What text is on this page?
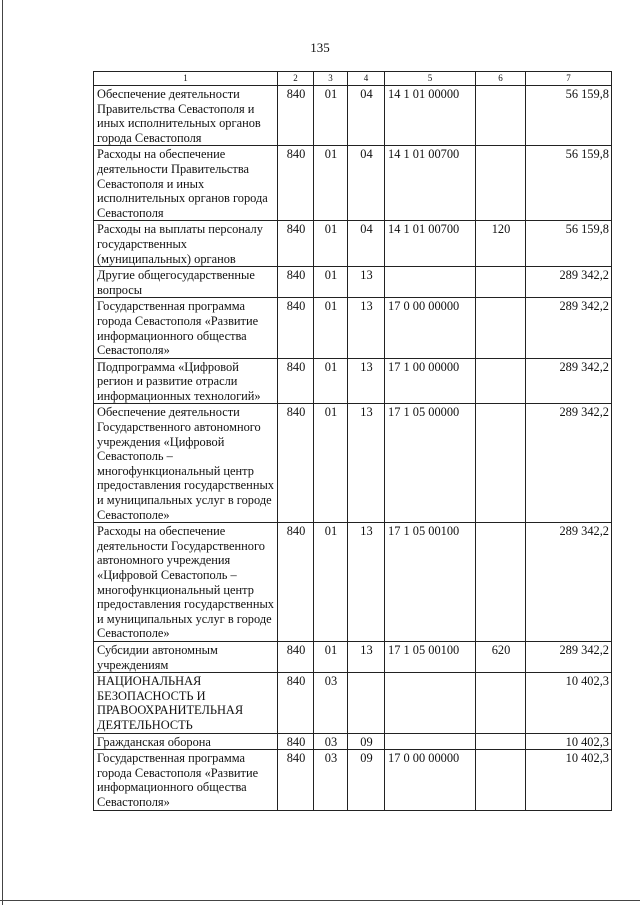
135
1	2	3	4	5	6	7
Обеспечение деятельности Правительства Севастополя и иных исполнительных органов города Севастополя	840	01	04	14 1 01 00000		56 159,8
Расходы на обеспечение деятельности Правительства Севастополя и иных исполнительных органов города Севастополя	840	01	04	14 1 01 00700		56 159,8
Расходы на выплаты персоналу государственных (муниципальных) органов	840	01	04	14 1 01 00700	120	56 159,8
Другие общегосударственные вопросы	840	01	13			289 342,2
Государственная программа города Севастополя «Развитие информационного общества Севастополя»	840	01	13	17 0 00 00000		289 342,2
Подпрограмма «Цифровой регион и развитие отрасли информационных технологий»	840	01	13	17 1 00 00000		289 342,2
Обеспечение деятельности Государственного автономного учреждения «Цифровой Севастополь – многофункциональный центр предоставления государственных и муниципальных услуг в городе Севастополе»	840	01	13	17 1 05 00000		289 342,2
Расходы на обеспечение деятельности Государственного автономного учреждения «Цифровой Севастополь – многофункциональный центр предоставления государственных и муниципальных услуг в городе Севастополе»	840	01	13	17 1 05 00100		289 342,2
Субсидии автономным учреждениям	840	01	13	17 1 05 00100	620	289 342,2
НАЦИОНАЛЬНАЯ БЕЗОПАСНОСТЬ И ПРАВООХРАНИТЕЛЬНАЯ ДЕЯТЕЛЬНОСТЬ	840	03				10 402,3
Гражданская оборона	840	03	09			10 402,3
Государственная программа города Севастополя «Развитие информационного общества Севастополя»	840	03	09	17 0 00 00000		10 402,3
